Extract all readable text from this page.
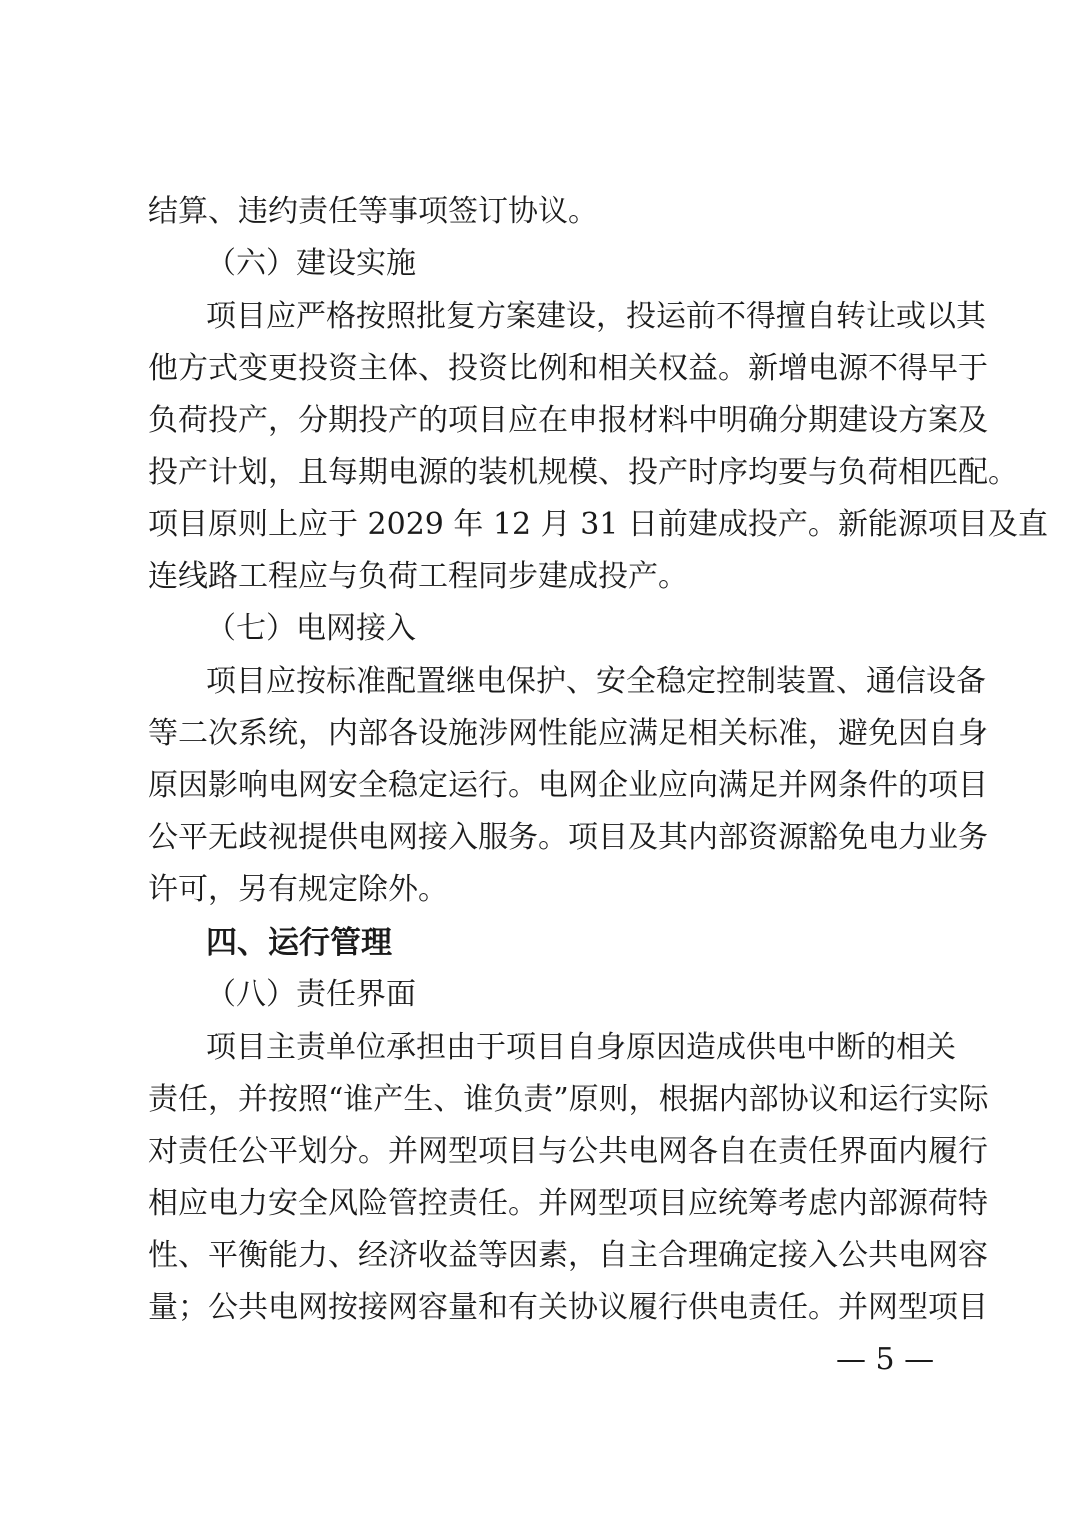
结算、违约责任等事项签订协议。
（六）建设实施
项目应严格按照批复方案建设，投运前不得擅自转让或以其
他方式变更投资主体、投资比例和相关权益。新增电源不得早于
负荷投产，分期投产的项目应在申报材料中明确分期建设方案及
投产计划，且每期电源的装机规模、投产时序均要与负荷相匹配。
项目原则上应于 2029 年 12 月 31 日前建成投产。新能源项目及直
连线路工程应与负荷工程同步建成投产。
（七）电网接入
项目应按标准配置继电保护、安全稳定控制装置、通信设备
等二次系统，内部各设施涉网性能应满足相关标准，避免因自身
原因影响电网安全稳定运行。电网企业应向满足并网条件的项目
公平无歧视提供电网接入服务。项目及其内部资源豁免电力业务
许可，另有规定除外。
四、运行管理
（八）责任界面
项目主责单位承担由于项目自身原因造成供电中断的相关
责任，并按照“谁产生、谁负责”原则，根据内部协议和运行实际
对责任公平划分。并网型项目与公共电网各自在责任界面内履行
相应电力安全风险管控责任。并网型项目应统筹考虑内部源荷特
性、平衡能力、经济收益等因素，自主合理确定接入公共电网容
量；公共电网按接网容量和有关协议履行供电责任。并网型项目
— 5 —
